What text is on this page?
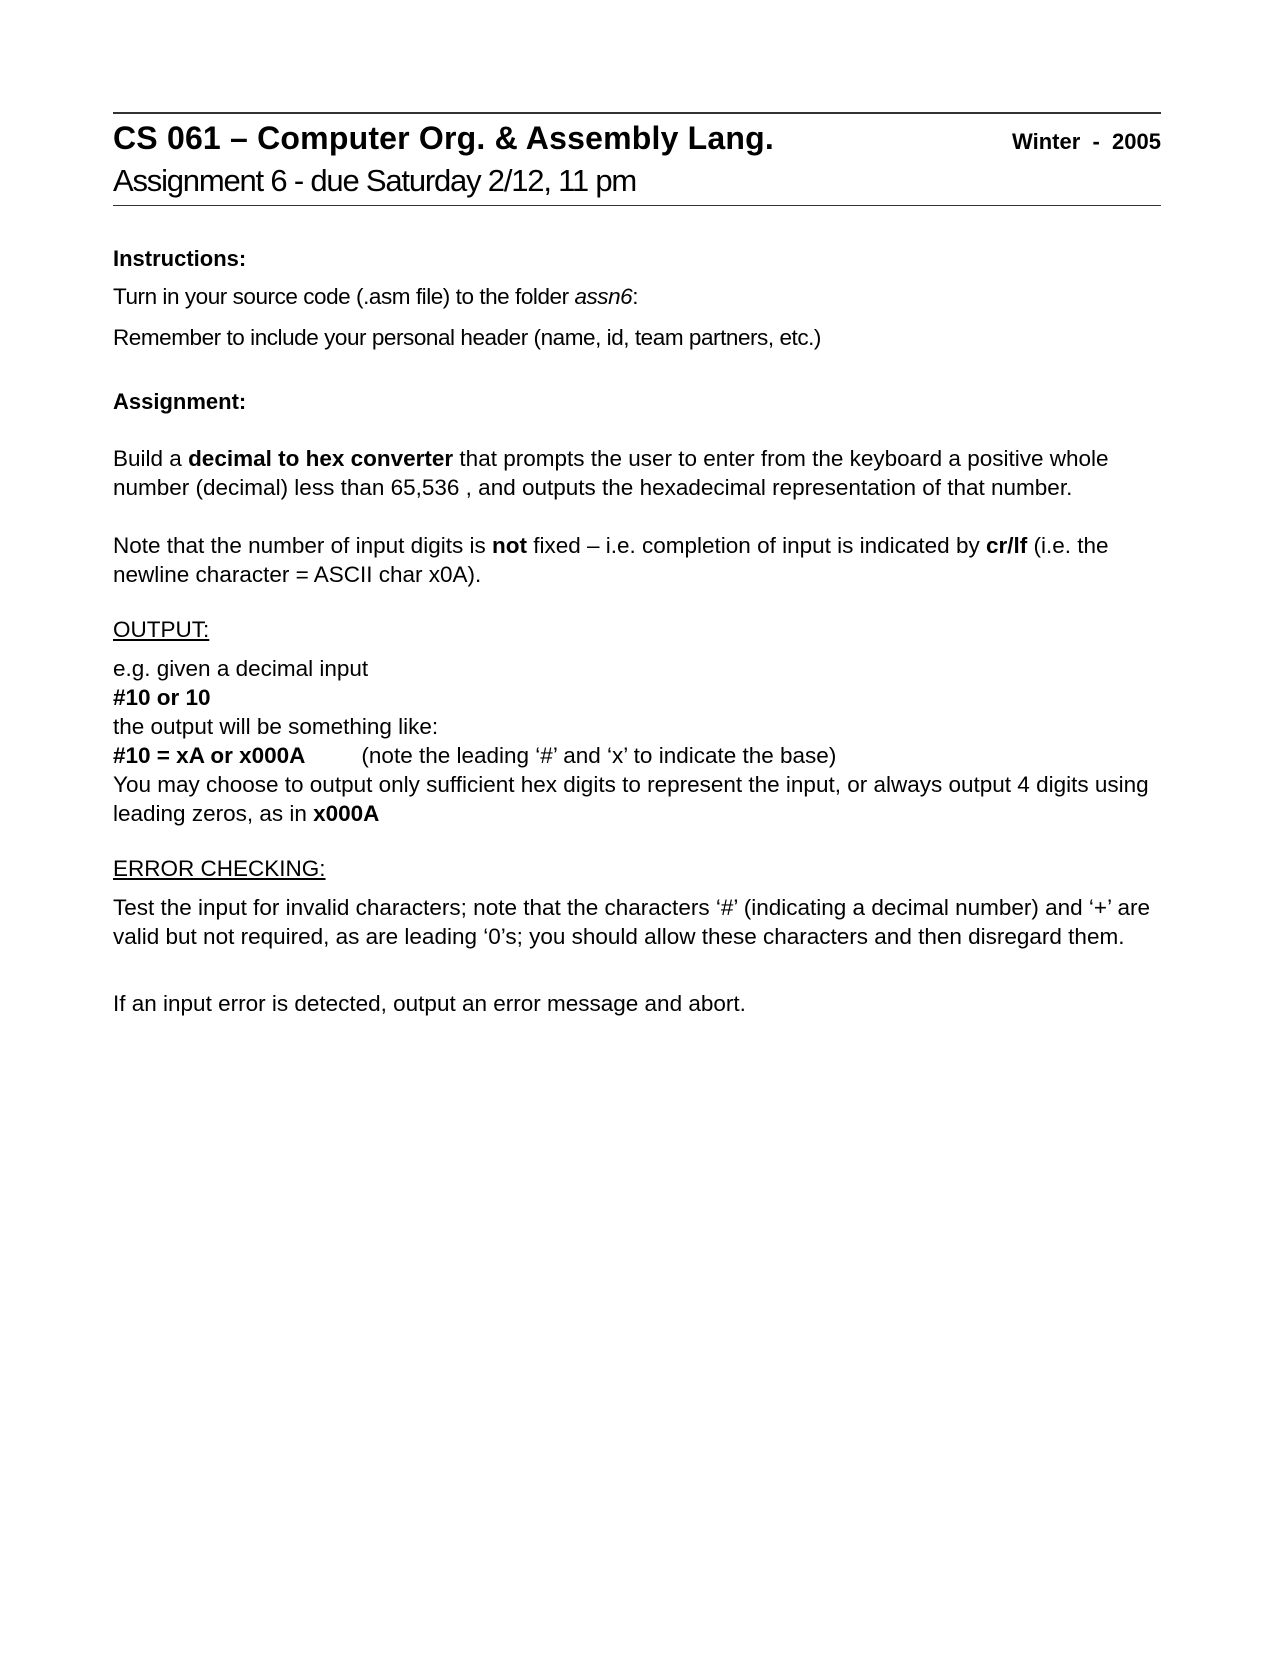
CS 061 – Computer Org. & Assembly Lang.	Winter  -  2005
Assignment 6 - due Saturday 2/12, 11 pm
Instructions:
Turn in your source code (.asm file) to the folder assn6:
Remember to include your personal header (name, id, team partners, etc.)
Assignment:
Build a decimal to hex converter that prompts the user to enter from the keyboard a positive whole number (decimal) less than 65,536 , and outputs the hexadecimal representation of that number.
Note that the number of input digits is not fixed – i.e. completion of input is indicated by cr/lf (i.e. the newline character = ASCII char x0A).
OUTPUT:
e.g. given a decimal input
#10 or 10
the output will be something like:
#10 = xA or x000A (note the leading ‘#’ and ‘x’ to indicate the base)
You may choose to output only sufficient hex digits to represent the input, or always output 4 digits using leading zeros, as in x000A
ERROR CHECKING:
Test the input for invalid characters; note that the characters ‘#’ (indicating a decimal number) and ‘+’ are valid but not required, as are leading ‘0’s; you should allow these characters and then disregard them.
If an input error is detected, output an error message and abort.
